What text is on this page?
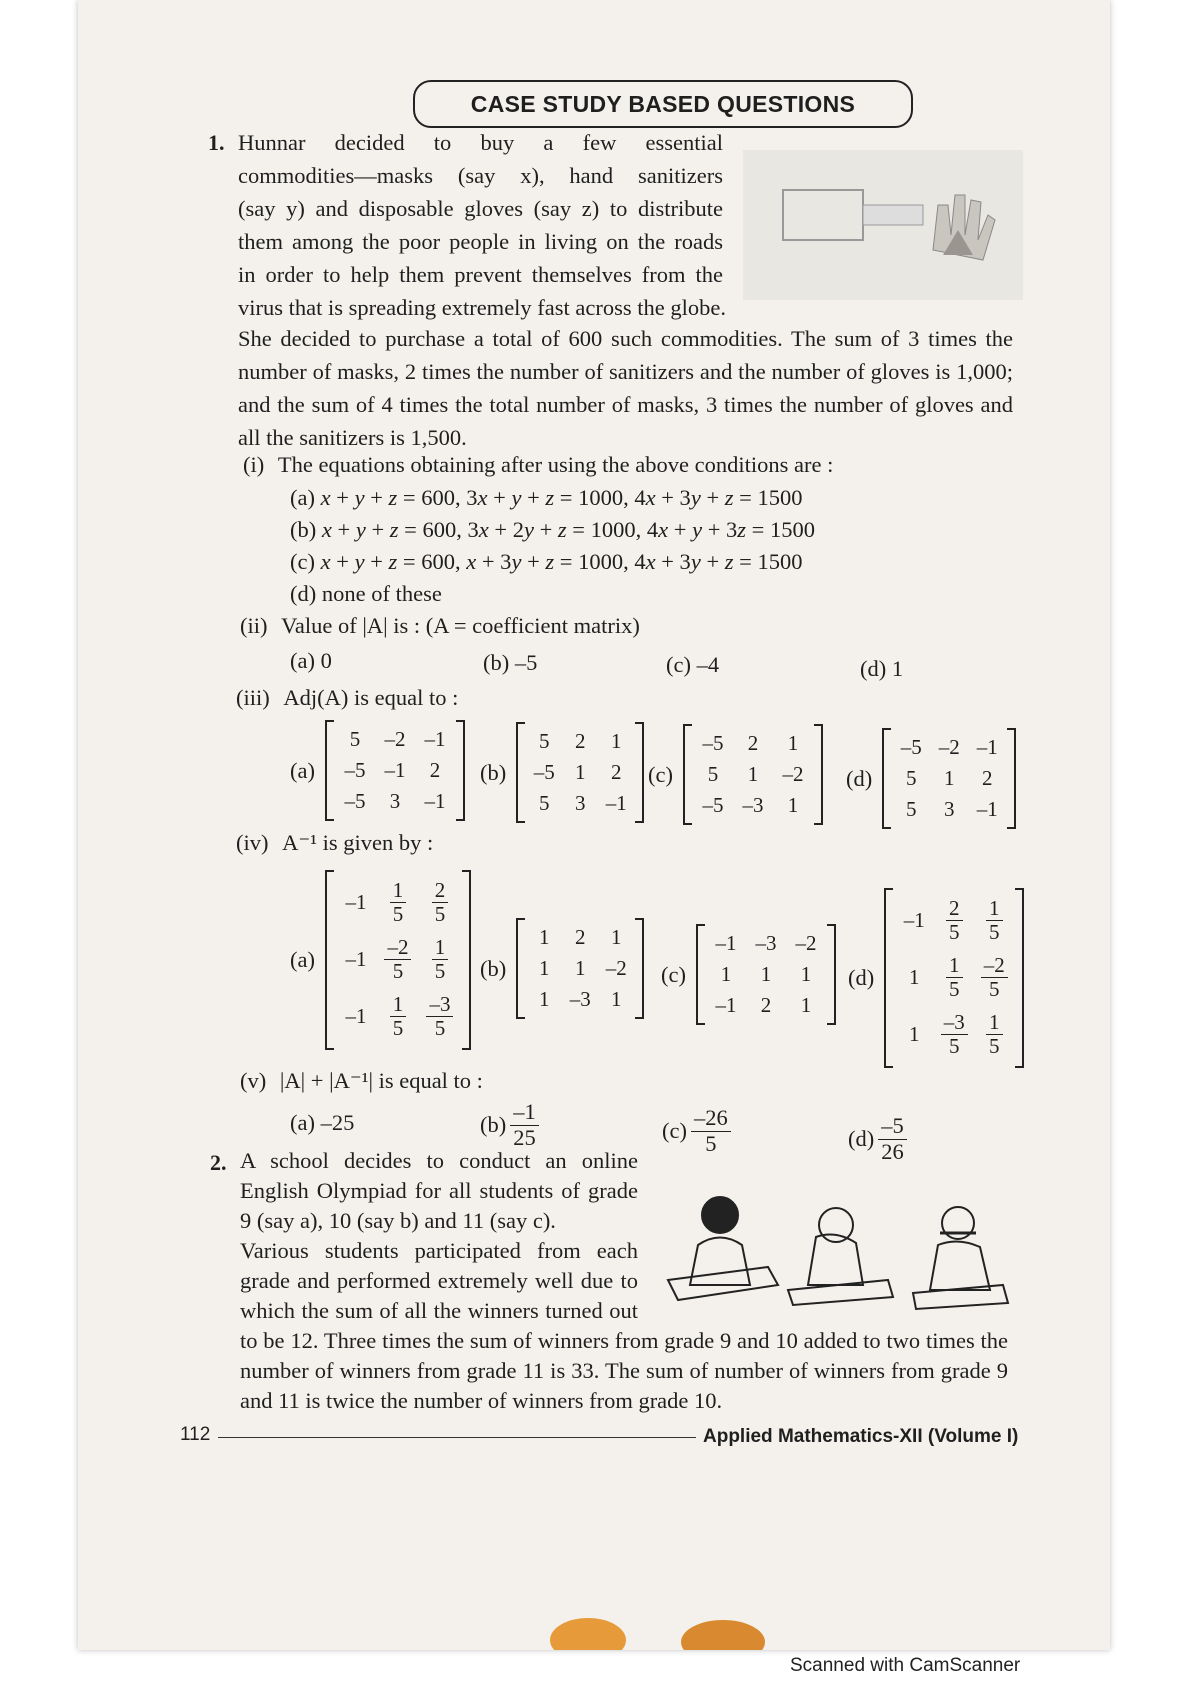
CASE STUDY BASED QUESTIONS
1. Hunnar decided to buy a few essential
commodities—masks (say x), hand sanitizers
(say y) and disposable gloves (say z) to distribute
them among the poor people in living on the roads
in order to help them prevent themselves from the
virus that is spreading extremely fast across the globe.
She decided to purchase a total of 600 such commodities. The sum of 3 times the number of masks, 2 times the number of sanitizers and the number of gloves is 1,000; and the sum of 4 times the total number of masks, 3 times the number of gloves and all the sanitizers is 1,500.
(i) The equations obtaining after using the above conditions are :
(a) x + y + z = 600, 3x + y + z = 1000, 4x + 3y + z = 1500
(b) x + y + z = 600, 3x + 2y + z = 1000, 4x + y + 3z = 1500
(c) x + y + z = 600, x + 3y + z = 1000, 4x + 3y + z = 1500
(d) none of these
(ii) Value of |A| is : (A = coefficient matrix)
(a) 0	(b) –5	(c) –4	(d) 1
(iii) Adj(A) is equal to :
(a)
5	–2 –1
–5 –1	2
–5	3	–1
(b)
5	2	1
–5 1	2
5	3 –1
(c)
–5	2	1
5	1	–2
–5 –3	1
(d)
–5 –2 –1
5	1	2
5	3	–1
(iv) A⁻¹ is given by :
(a)
–1	$\frac{1}{5} \frac{2}{5}$
$-1 \frac{-2}{5} \frac{1}{5}$
–1	$\frac{1}{5} \frac{-3}{5}$
(b)
1	2	1
1	1 –2
1 –3 1
(c)
–1 –3 –2
1	1	1
–1	2	1
(d)
–1	$\frac{2}{5} \frac{1}{5}$
1	$\frac{1}{5} \frac{-2}{5}$
1	$\frac{-3}{5} \frac{1}{5}$
(v) |A| + |A⁻¹| is equal to :
(a) –25	$(b) \frac{-1}{25}$	$(c) \frac{-26}{5}$	$(d) \frac{-5}{26}$
2. A school decides to conduct an online
English Olympiad for all students of grade
9 (say a), 10 (say b) and 11 (say c).
Various students participated from each
grade and performed extremely well due to
which the sum of all the winners turned out
to be 12. Three times the sum of winners from grade 9 and 10 added to two times the number of winners from grade 11 is 33. The sum of number of winners from grade 9 and 11 is twice the number of winners from grade 10.
112	Applied Mathematics-XII (Volume I)
Scanned with CamScanner
